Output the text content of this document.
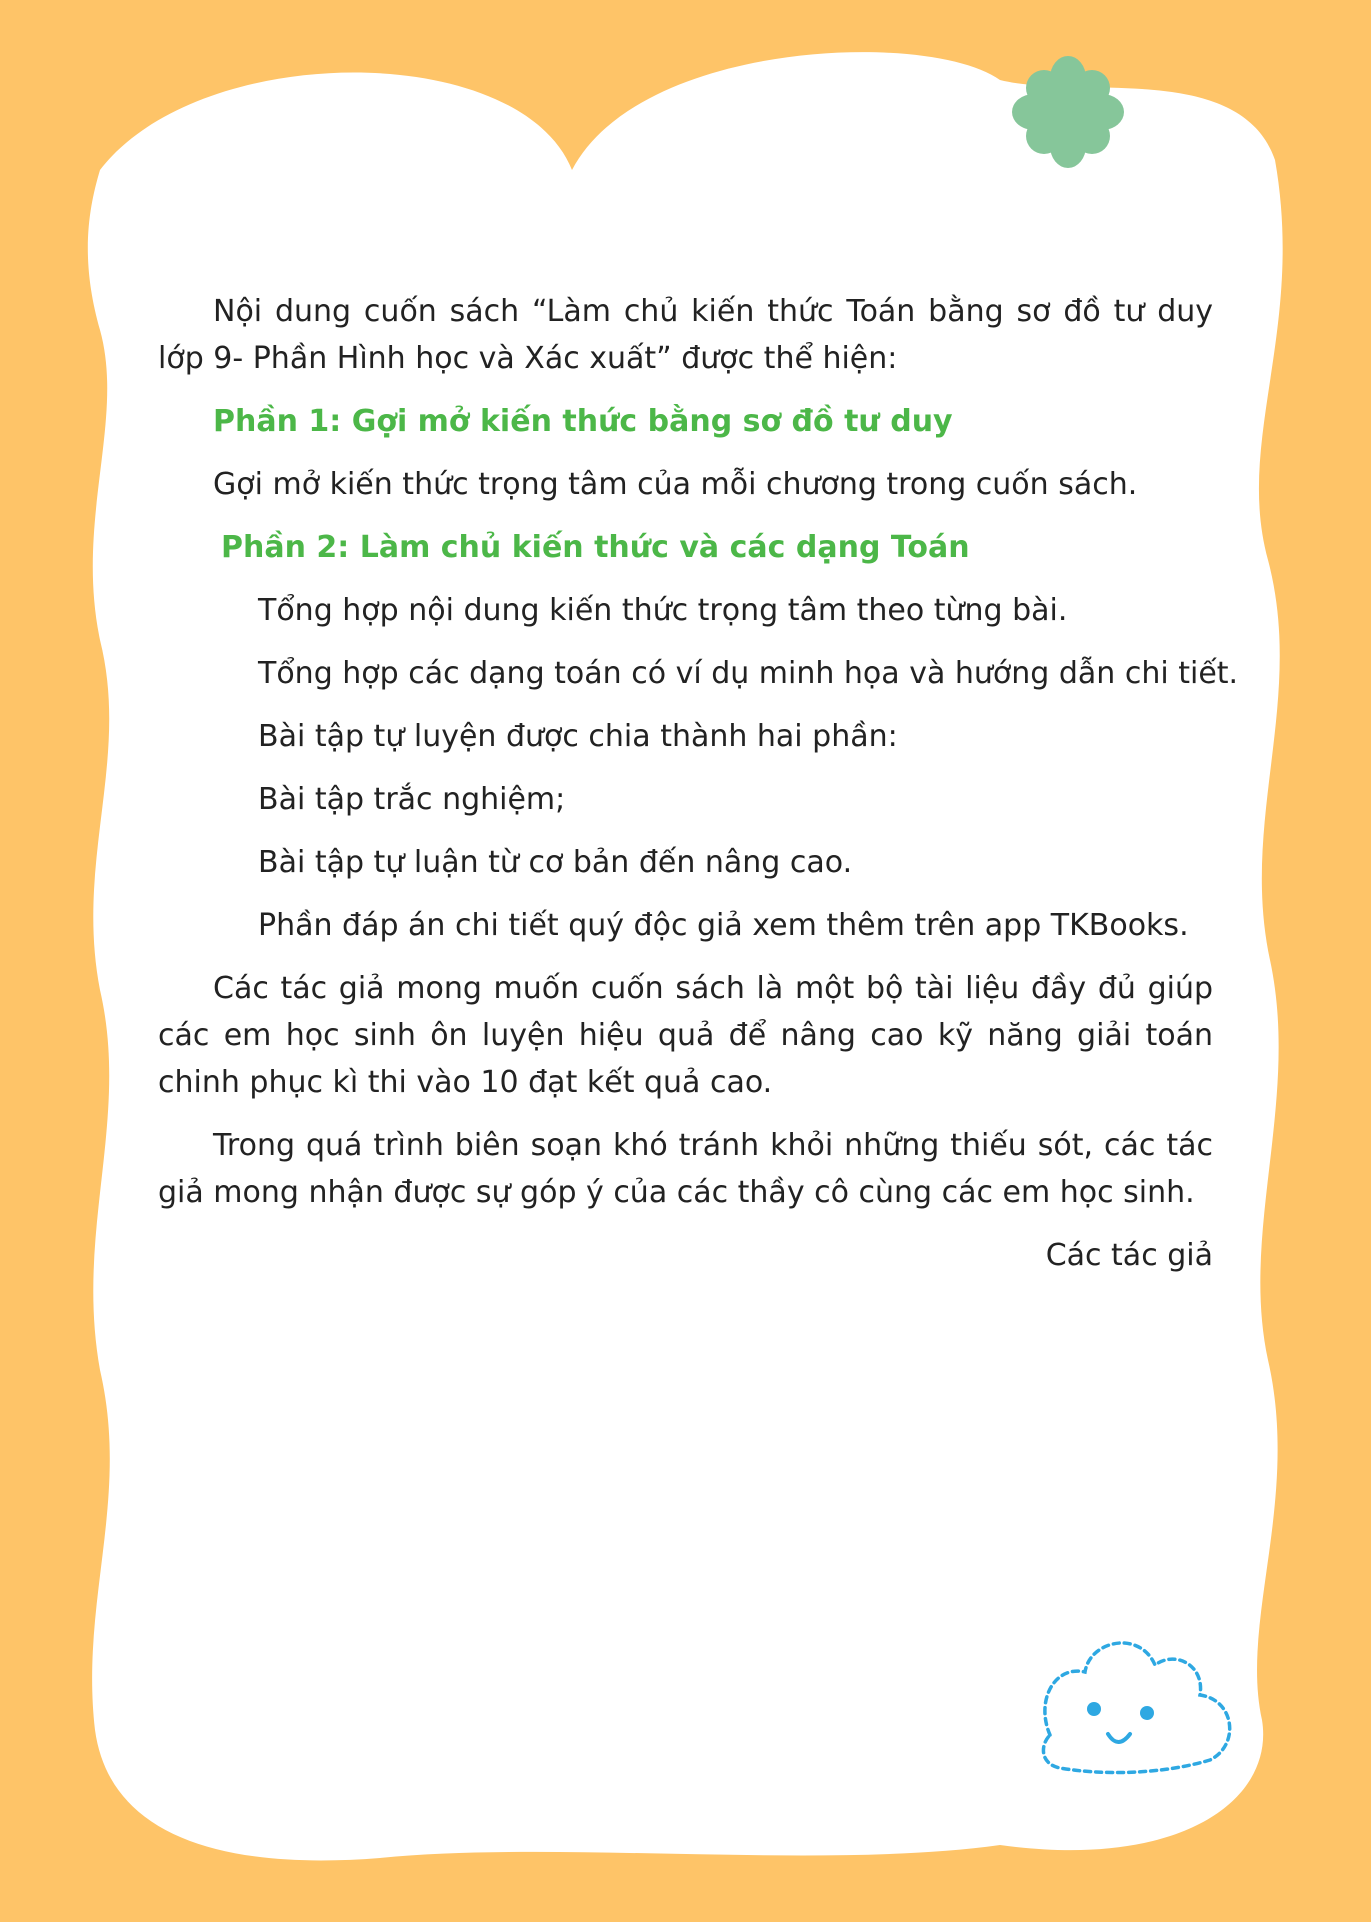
Nội dung cuốn sách “Làm chủ kiến thức Toán bằng sơ đồ tư duy lớp 9- Phần Hình học và Xác xuất” được thể hiện:

Phần 1: Gợi mở kiến thức bằng sơ đồ tư duy

Gợi mở kiến thức trọng tâm của mỗi chương trong cuốn sách.

Phần 2: Làm chủ kiến thức và các dạng Toán

Tổng hợp nội dung kiến thức trọng tâm theo từng bài.

Tổng hợp các dạng toán có ví dụ minh họa và hướng dẫn chi tiết.

Bài tập tự luyện được chia thành hai phần:

Bài tập trắc nghiệm;

Bài tập tự luận từ cơ bản đến nâng cao.

Phần đáp án chi tiết quý độc giả xem thêm trên app TKBooks.

Các tác giả mong muốn cuốn sách là một bộ tài liệu đầy đủ giúp các em học sinh ôn luyện hiệu quả để nâng cao kỹ năng giải toán chinh phục kì thi vào 10 đạt kết quả cao.

Trong quá trình biên soạn khó tránh khỏi những thiếu sót, các tác giả mong nhận được sự góp ý của các thầy cô cùng các em học sinh.

Các tác giả
